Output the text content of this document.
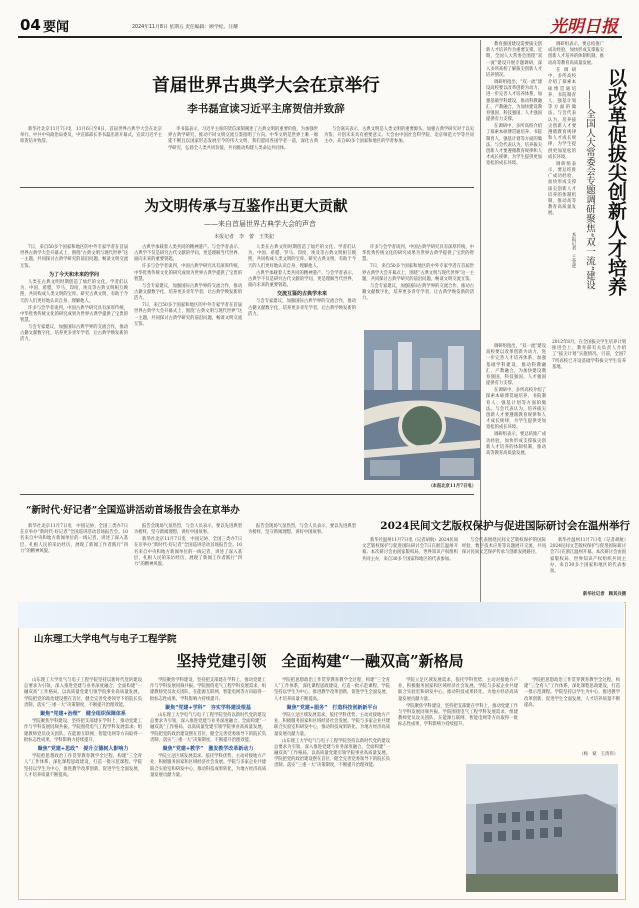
04 要闻	2024年11月8日 星期五 责任编辑：顾学松、汪耀	光明日报
首届世界古典学大会在京举行
李书磊宣读习近平主席贺信并致辞

新华社北京11月7日电　11月6日至8日，首届世界古典学大会在北京举行。中共中央政治局委员、中宣部部长李书磊出席开幕式，宣读习近平主席贺信并致辞。

李书磊表示，习近平主席的贺信深刻阐述了古典文明的重要价值，为加强世界古典学研究、推动不同文明交流互鉴指明了方向。中华文明是世界上唯一绵延不断且以国家形态发展至今的伟大文明，我们愿同各国学者一道，深化古典学研究，弘扬全人类共同价值，共同推动构建人类命运共同体。

与会嘉宾表示，古典文明是人类文明的重要源头，加强古典学研究对于以史为鉴、开创未来具有重要意义。大会由中国社会科学院、北京师范大学等共同主办，来自60多个国家和地区的学者参加。

为文明传承与互鉴作出更大贡献
——来自首届世界古典学大会的声音
本报记者　李　蕾　王笑妃

7日，来自50多个国家和地区的中外专家学者在首届世界古典学大会开幕式上，围绕“古典文明与现代世界”这一主题，共同探讨古典学研究的前沿问题，畅谈文明交流互鉴。

为了今天和未来的学问

人类在古典文明时期创造了灿烂的文化。学者们认为，中国、希腊、罗马、印度、埃及等古典文明相互映照，共同构成人类文明的宝库。研究古典文明，有助于今天的人们更好地认识自身、理解他人。

许多与会学者谈到，中国古典学研究具有深厚传统，中华优秀传统文化的研究成果为世界古典学提供了宝贵的智慧。

与会专家建议，加强国际古典学界的交流合作，推动古籍文献数字化，培养更多青年学者，让古典学焕发新的活力。

古典学承载着人类共同的精神遗产。与会学者表示，古典学不仅是研究古代文献的学问，更是理解当代世界、面向未来的重要钥匙。

许多与会学者谈到，中国古典学研究具有深厚传统，中华优秀传统文化的研究成果为世界古典学提供了宝贵的智慧。

与会专家建议，加强国际古典学界的交流合作，推动古籍文献数字化，培养更多青年学者，让古典学焕发新的活力。

7日，来自50多个国家和地区的中外专家学者在首届世界古典学大会开幕式上，围绕“古典文明与现代世界”这一主题，共同探讨古典学研究的前沿问题，畅谈文明交流互鉴。

人类在古典文明时期创造了灿烂的文化。学者们认为，中国、希腊、罗马、印度、埃及等古典文明相互映照，共同构成人类文明的宝库。研究古典文明，有助于今天的人们更好地认识自身、理解他人。

古典学承载着人类共同的精神遗产。与会学者表示，古典学不仅是研究古代文献的学问，更是理解当代世界、面向未来的重要钥匙。

交流互鉴的古典学未来

与会专家建议，加强国际古典学界的交流合作，推动古籍文献数字化，培养更多青年学者，让古典学焕发新的活力。

许多与会学者谈到，中国古典学研究具有深厚传统，中华优秀传统文化的研究成果为世界古典学提供了宝贵的智慧。

7日，来自50多个国家和地区的中外专家学者在首届世界古典学大会开幕式上，围绕“古典文明与现代世界”这一主题，共同探讨古典学研究的前沿问题，畅谈文明交流互鉴。

与会专家建议，加强国际古典学界的交流合作，推动古籍文献数字化，培养更多青年学者，让古典学焕发新的活力。

（本报北京11月7日电）
“新时代·好记者”全国巡讲活动首场报告会在京举办

新华社北京11月7日电　中国记协、全国三类办7日在京举办“新时代·好记者”全国巡讲活动首场报告会。10名来自中央和地方新闻单位的一线记者，讲述了深入基层、扎根人民的采访经历，展现了新闻工作者践行“四力”的精神风貌。

报告会现场气氛热烈，与会人员表示，要以先进典型为榜样，坚守新闻理想，讲好中国故事。

新华社北京11月7日电　中国记协、全国三类办7日在京举办“新时代·好记者”全国巡讲活动首场报告会。10名来自中央和地方新闻单位的一线记者，讲述了深入基层、扎根人民的采访经历，展现了新闻工作者践行“四力”的精神风貌。

报告会现场气氛热烈，与会人员表示，要以先进典型为榜样，坚守新闻理想，讲好中国故事。

教育强国建设需要拔尖创新人才培养作为重要支撑。近期，全国人大常委会围绕“双一流”建设开展专题调研，深入多所高校了解拔尖创新人才培养情况。

调研组指出，“双一流”建设高校要以改革创新为动力，进一步完善人才培养体系，加强基础学科建设，推动科教融汇、产教融合，为加快建设教育强国、科技强国、人才强国提供有力支撑。

在调研中，多所高校介绍了探索本硕博贯通培养、书院制育人、强基计划等方面的做法。与会代表认为，培养拔尖创新人才要遵循教育规律和人才成长规律，为学生提供更加宽松的成长环境。

调研组表示，要总结推广成功经验，加快形成支撑拔尖创新人才培养的体制机制，推动高等教育高质量发展。

以改革促拔尖创新人才培养
——全国人大常委会专题调研聚焦“双一流”建设
本报记者　王金虎

在调研中，多所高校介绍了探索本硕博贯通培养、书院制育人、强基计划等方面的做法。与会代表认为，培养拔尖创新人才要遵循教育规律和人才成长规律，为学生提供更加宽松的成长环境。

调研组表示，要总结推广成功经验，加快形成支撑拔尖创新人才培养的体制机制，推动高等教育高质量发展。

调研组指出，“双一流”建设高校要以改革创新为动力，进一步完善人才培养体系，加强基础学科建设，推动科教融汇、产教融合，为加快建设教育强国、科技强国、人才强国提供有力支撑。

在调研中，多所高校介绍了探索本硕博贯通培养、书院制育人、强基计划等方面的做法。与会代表认为，培养拔尖创新人才要遵循教育规律和人才成长规律，为学生提供更加宽松的成长环境。

调研组表示，要总结推广成功经验，加快形成支撑拔尖创新人才培养的体制机制，推动高等教育高质量发展。

2012年8月，在全国拔尖学生培养计划推进会上，教育部有关负责人介绍了“拔尖计划”实施情况。目前，全国77所高校已开设基础学科拔尖学生培养基地。
新华社记者　顾其兵摄
2024民间文艺版权保护与促进国际研讨会在温州举行

新华社温州11月7日电（记者胡航）2024民间文艺版权保护与促进国际研讨会7日在浙江温州开幕。本次研讨会由国家版权局、世界知识产权组织共同主办，来自30多个国家和地区的代表参加。

与会代表围绕民间文艺版权保护的国际经验、数字技术应用等议题展开交流，共同探讨民间文艺保护传承与创新发展路径。

新华社温州11月7日电（记者胡航）2024民间文艺版权保护与促进国际研讨会7日在浙江温州开幕。本次研讨会由国家版权局、世界知识产权组织共同主办，来自30多个国家和地区的代表参加。

山东理工大学电气与电子工程学院
坚持党建引领　全面构建“一融双高”新格局

山东理工大学电气与电子工程学院坚持以新时代党的建设总要求为引领，深入推进党建与业务深度融合，全面构建“一融双高”工作格局，以高质量党建引领学院事业高质量发展。学院把党的政治建设摆在首位，健全完善党委领导下的院长负责制，落实“三重一大”决策制度，不断提升治理效能。

聚焦“党建+治理”　健全组织保障体系

学院聚焦学科建设，坚持把支部建在学科上，推动党建工作与学科发展同频共振。学院围绕电气工程学科发展需求，组建教师党员攻关团队，在能源互联网、智能电网等方向取得一批标志性成果，学科影响力持续提升。

聚焦“党建+思政”　提升立德树人影响力

学院把思想政治工作贯穿教育教学全过程，构建“三全育人”工作体系，深化课程思政建设，打造一批示范课程。学院坚持以学生为中心，推进教学改革创新，促进学生全面发展，人才培养质量不断提高。

学院聚焦学科建设，坚持把支部建在学科上，推动党建工作与学科发展同频共振。学院围绕电气工程学科发展需求，组建教师党员攻关团队，在能源互联网、智能电网等方向取得一批标志性成果，学科影响力持续提升。

聚焦“党建+学科”　夯实学科建设根基

山东理工大学电气与电子工程学院坚持以新时代党的建设总要求为引领，深入推进党建与业务深度融合，全面构建“一融双高”工作格局，以高质量党建引领学院事业高质量发展。学院把党的政治建设摆在首位，健全完善党委领导下的院长负责制，落实“三重一大”决策制度，不断提升治理效能。

聚焦“党建+教学”　激发教学改革新动力

学院立足区域发展需求，依托学科优势，主动对接地方产业，积极服务国家和区域经济社会发展。学院与多家企业共建联合实验室和研发中心，推动科技成果转化，为地方经济高质量发展贡献力量。

学院把思想政治工作贯穿教育教学全过程，构建“三全育人”工作体系，深化课程思政建设，打造一批示范课程。学院坚持以学生为中心，推进教学改革创新，促进学生全面发展，人才培养质量不断提高。

聚焦“党建+服务”　打造科技创新新平台

学院立足区域发展需求，依托学科优势，主动对接地方产业，积极服务国家和区域经济社会发展。学院与多家企业共建联合实验室和研发中心，推动科技成果转化，为地方经济高质量发展贡献力量。

山东理工大学电气与电子工程学院坚持以新时代党的建设总要求为引领，深入推进党建与业务深度融合，全面构建“一融双高”工作格局，以高质量党建引领学院事业高质量发展。学院把党的政治建设摆在首位，健全完善党委领导下的院长负责制，落实“三重一大”决策制度，不断提升治理效能。

学院立足区域发展需求，依托学科优势，主动对接地方产业，积极服务国家和区域经济社会发展。学院与多家企业共建联合实验室和研发中心，推动科技成果转化，为地方经济高质量发展贡献力量。

学院聚焦学科建设，坚持把支部建在学科上，推动党建工作与学科发展同频共振。学院围绕电气工程学科发展需求，组建教师党员攻关团队，在能源互联网、智能电网等方向取得一批标志性成果，学科影响力持续提升。

学院把思想政治工作贯穿教育教学全过程，构建“三全育人”工作体系，深化课程思政建设，打造一批示范课程。学院坚持以学生为中心，推进教学改革创新，促进学生全面发展，人才培养质量不断提高。

（杨　斌　王清伟）
